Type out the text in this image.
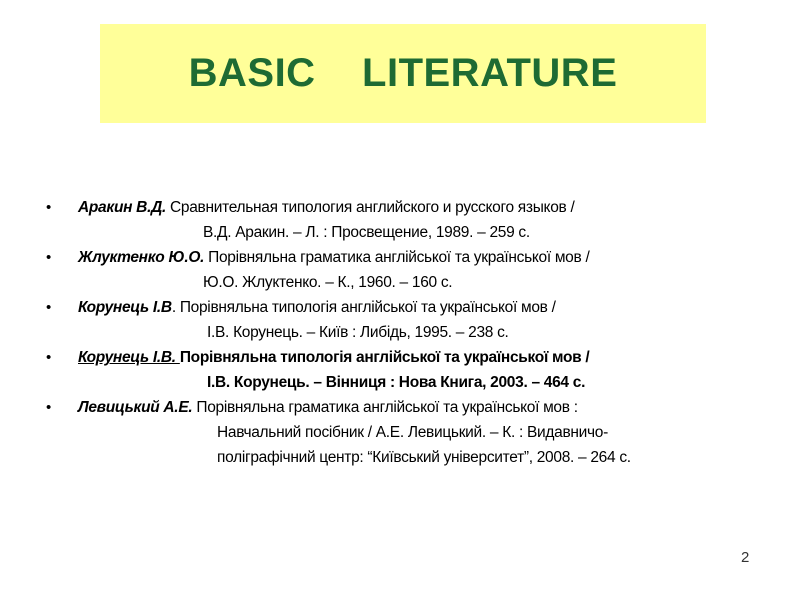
BASIC    LITERATURE
• Аракин В.Д. Сравнительная типология английского и русского языков /
В.Д. Аракин. – Л. : Просвещение, 1989. – 259 с.
• Жлуктенко Ю.О. Порівняльна граматика англійської та української мов /
Ю.О. Жлуктенко. – К., 1960. – 160 с.
• Корунець І.В. Порівняльна типологія англійської та української мов /
І.В. Корунець. – Київ : Либідь, 1995. – 238 с.
• Корунець І.В. Порівняльна типологія англійської та української мов /
І.В. Корунець. – Вінниця : Нова Книга, 2003. – 464 с.
• Левицький А.Е. Порівняльна граматика англійської та української мов :
Навчальний посібник / А.Е. Левицький. – К. : Видавничо-
поліграфічний центр: “Київський університет”, 2008. – 264 с.
2
